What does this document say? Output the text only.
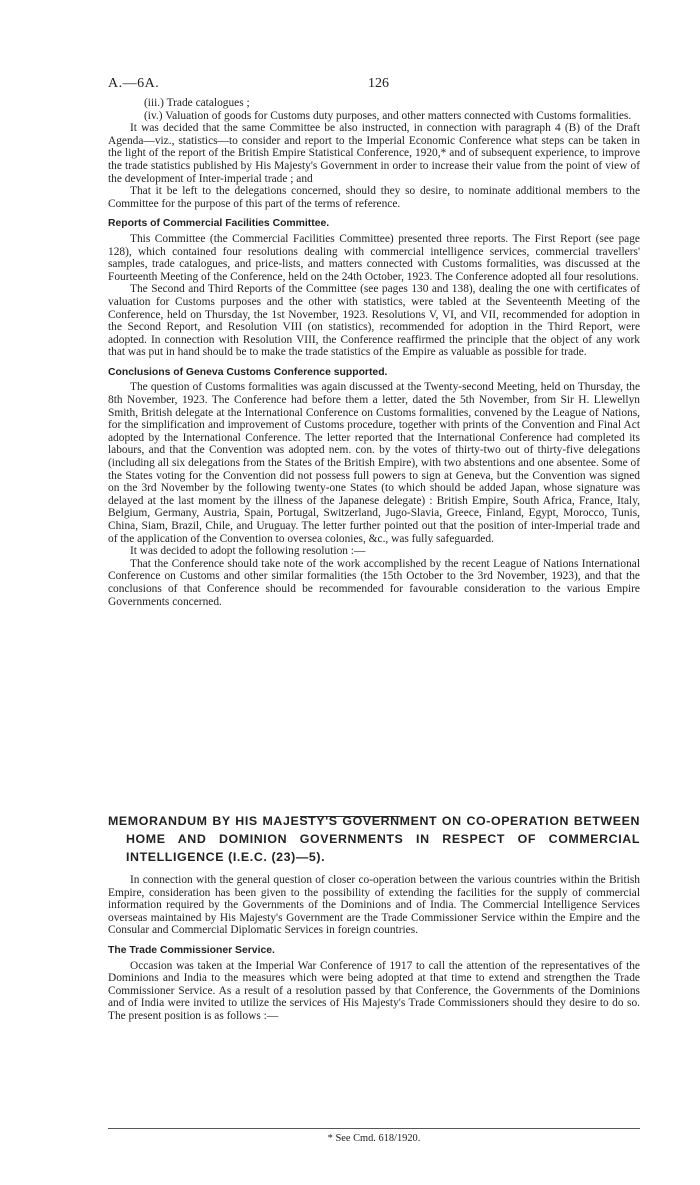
A.—6A.	126

(iii.) Trade catalogues ;

(iv.) Valuation of goods for Customs duty purposes, and other matters connected with Customs formalities.

It was decided that the same Committee be also instructed, in connection with paragraph 4 (B) of the Draft Agenda—viz., statistics—to consider and report to the Imperial Economic Conference what steps can be taken in the light of the report of the British Empire Statistical Conference, 1920,* and of subsequent experience, to improve the trade statistics published by His Majesty's Government in order to increase their value from the point of view of the development of Inter-imperial trade ; and

That it be left to the delegations concerned, should they so desire, to nominate additional members to the Committee for the purpose of this part of the terms of reference.

Reports of Commercial Facilities Committee.

This Committee (the Commercial Facilities Committee) presented three reports. The First Report (see page 128), which contained four resolutions dealing with commercial intelligence services, commercial travellers' samples, trade catalogues, and price-lists, and matters connected with Customs formalities, was discussed at the Fourteenth Meeting of the Conference, held on the 24th October, 1923. The Conference adopted all four resolutions.

The Second and Third Reports of the Committee (see pages 130 and 138), dealing the one with certificates of valuation for Customs purposes and the other with statistics, were tabled at the Seventeenth Meeting of the Conference, held on Thursday, the 1st November, 1923. Resolutions V, VI, and VII, recommended for adoption in the Second Report, and Resolution VIII (on statistics), recommended for adoption in the Third Report, were adopted. In connection with Resolution VIII, the Conference reaffirmed the principle that the object of any work that was put in hand should be to make the trade statistics of the Empire as valuable as possible for trade.

Conclusions of Geneva Customs Conference supported.

The question of Customs formalities was again discussed at the Twenty-second Meeting, held on Thursday, the 8th November, 1923. The Conference had before them a letter, dated the 5th November, from Sir H. Llewellyn Smith, British delegate at the International Conference on Customs formalities, convened by the League of Nations, for the simplification and improvement of Customs procedure, together with prints of the Convention and Final Act adopted by the International Conference. The letter reported that the International Conference had completed its labours, and that the Convention was adopted nem. con. by the votes of thirty-two out of thirty-five delegations (including all six delegations from the States of the British Empire), with two abstentions and one absentee. Some of the States voting for the Convention did not possess full powers to sign at Geneva, but the Convention was signed on the 3rd November by the following twenty-one States (to which should be added Japan, whose signature was delayed at the last moment by the illness of the Japanese delegate) : British Empire, South Africa, France, Italy, Belgium, Germany, Austria, Spain, Portugal, Switzerland, Jugo-Slavia, Greece, Finland, Egypt, Morocco, Tunis, China, Siam, Brazil, Chile, and Uruguay. The letter further pointed out that the position of inter-Imperial trade and of the application of the Convention to oversea colonies, &c., was fully safeguarded.

It was decided to adopt the following resolution :—

That the Conference should take note of the work accomplished by the recent League of Nations International Conference on Customs and other similar formalities (the 15th October to the 3rd November, 1923), and that the conclusions of that Conference should be recommended for favourable consideration to the various Empire Governments concerned.

MEMORANDUM BY HIS MAJESTY'S GOVERNMENT ON CO-OPERATION BETWEEN HOME AND DOMINION GOVERNMENTS IN RESPECT OF COMMERCIAL INTELLIGENCE (I.E.C. (23)—5).

In connection with the general question of closer co-operation between the various countries within the British Empire, consideration has been given to the possibility of extending the facilities for the supply of commercial information required by the Governments of the Dominions and of India. The Commercial Intelligence Services overseas maintained by His Majesty's Government are the Trade Commissioner Service within the Empire and the Consular and Commercial Diplomatic Services in foreign countries.

The Trade Commissioner Service.

Occasion was taken at the Imperial War Conference of 1917 to call the attention of the representatives of the Dominions and India to the measures which were being adopted at that time to extend and strengthen the Trade Commissioner Service. As a result of a resolution passed by that Conference, the Governments of the Dominions and of India were invited to utilize the services of His Majesty's Trade Commissioners should they desire to do so. The present position is as follows :—

* See Cmd. 618/1920.
